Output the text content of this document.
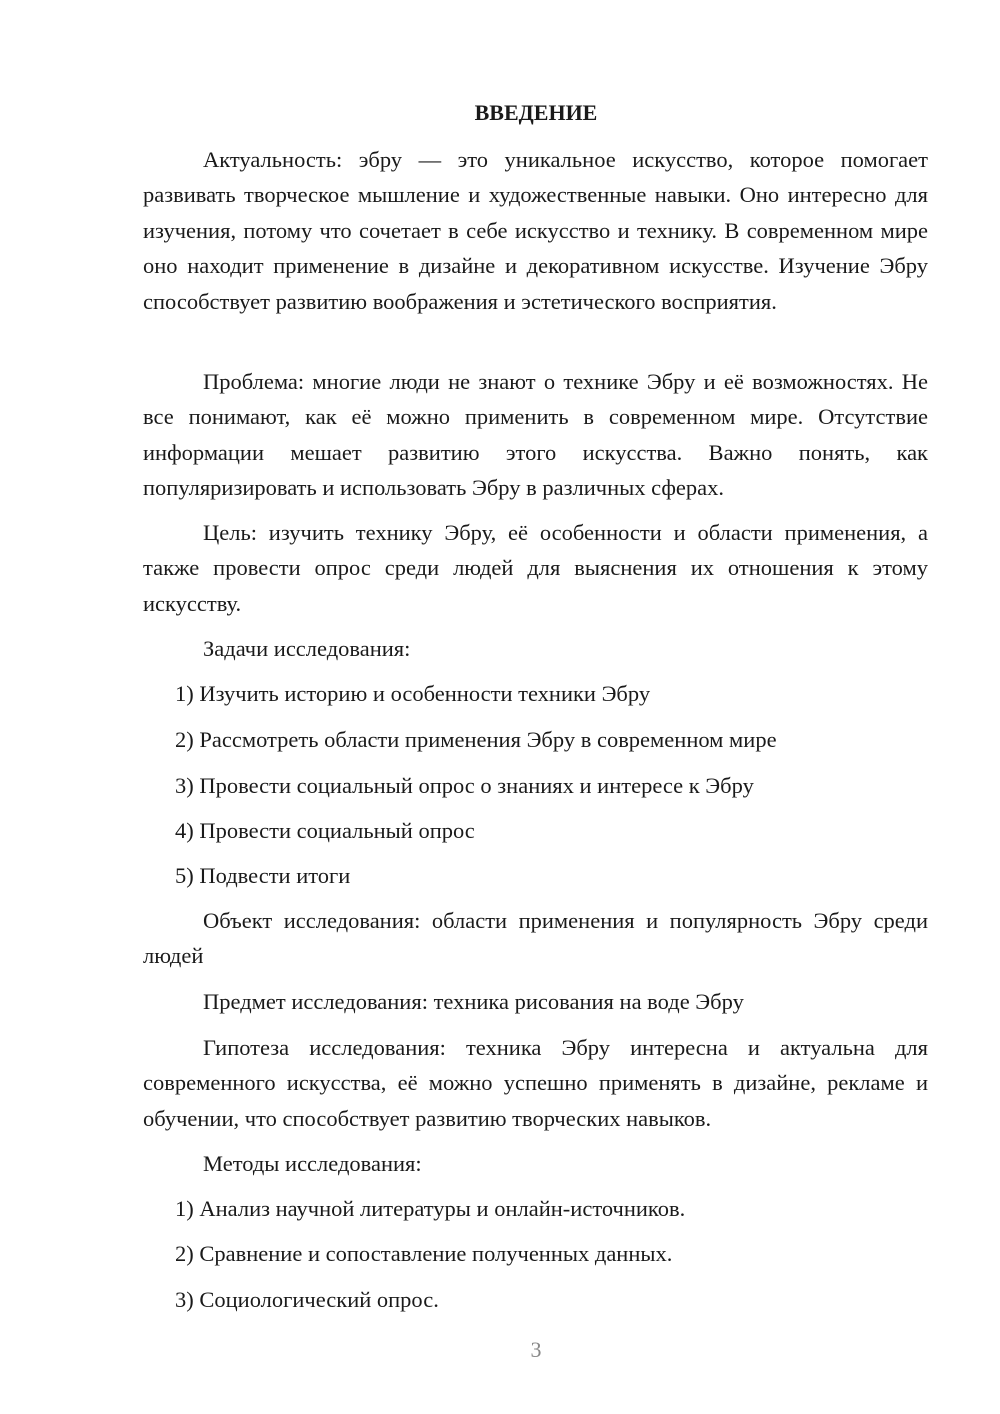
ВВЕДЕНИЕ

Актуальность: эбру — это уникальное искусство, которое помогает развивать творческое мышление и художественные навыки. Оно интересно для изучения, потому что сочетает в себе искусство и технику. В современном мире оно находит применение в дизайне и декоративном искусстве. Изучение Эбру способствует развитию воображения и эстетического восприятия.

Проблема: многие люди не знают о технике Эбру и её возможностях. Не все понимают, как её можно применить в современном мире. Отсутствие информации мешает развитию этого искусства. Важно понять, как популяризировать и использовать Эбру в различных сферах.

Цель: изучить технику Эбру, её особенности и области применения, а также провести опрос среди людей для выяснения их отношения к этому искусству.

Задачи исследования:

1) Изучить историю и особенности техники Эбру

2) Рассмотреть области применения Эбру в современном мире

3) Провести социальный опрос о знаниях и интересе к Эбру

4) Провести социальный опрос

5) Подвести итоги

Объект исследования: области применения и популярность Эбру среди людей

Предмет исследования: техника рисования на воде Эбру

Гипотеза исследования: техника Эбру интересна и актуальна для современного искусства, её можно успешно применять в дизайне, рекламе и обучении, что способствует развитию творческих навыков.

Методы исследования:

1) Анализ научной литературы и онлайн-источников.

2) Сравнение и сопоставление полученных данных.

3) Социологический опрос.

3
